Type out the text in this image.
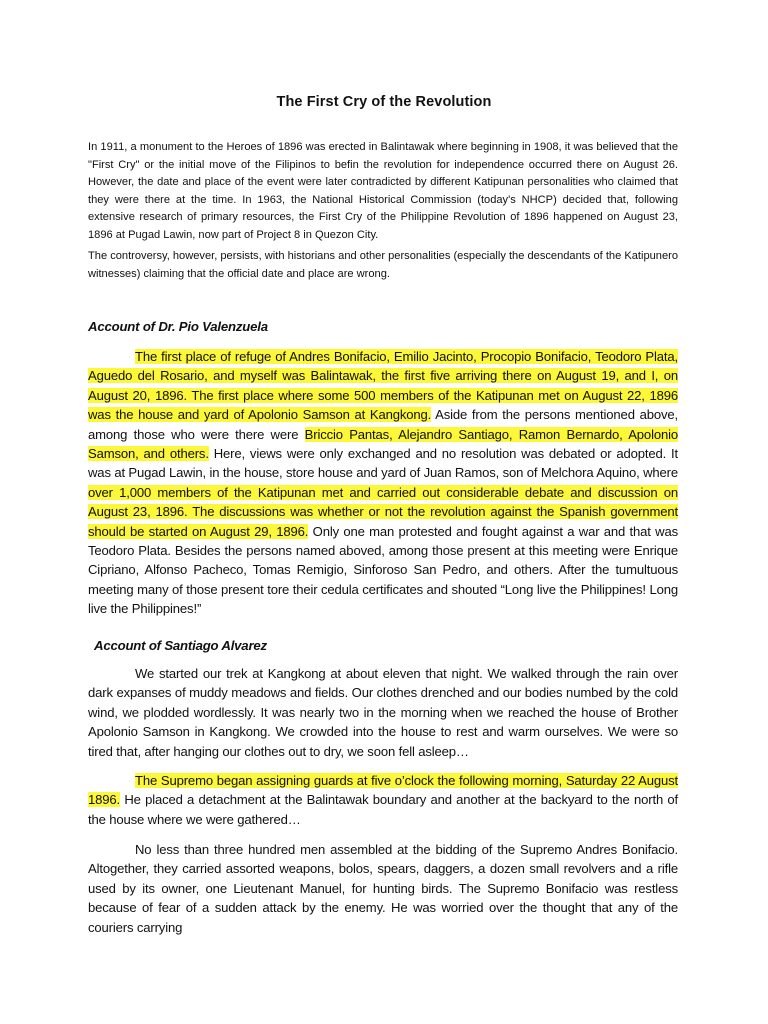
The First Cry of the Revolution
In 1911, a monument to the Heroes of 1896 was erected in Balintawak where beginning in 1908, it was believed that the "First Cry" or the initial move of the Filipinos to befin the revolution for independence occurred there on August 26. However, the date and place of the event were later contradicted by different Katipunan personalities who claimed that they were there at the time. In 1963, the National Historical Commission (today's NHCP) decided that, following extensive research of primary resources, the First Cry of the Philippine Revolution of 1896 happened on August 23, 1896 at Pugad Lawin, now part of Project 8 in Quezon City.
The controversy, however, persists, with historians and other personalities (especially the descendants of the Katipunero witnesses) claiming that the official date and place are wrong.
Account of Dr. Pio Valenzuela
The first place of refuge of Andres Bonifacio, Emilio Jacinto, Procopio Bonifacio, Teodoro Plata, Aguedo del Rosario, and myself was Balintawak, the first five arriving there on August 19, and I, on August 20, 1896. The first place where some 500 members of the Katipunan met on August 22, 1896 was the house and yard of Apolonio Samson at Kangkong. Aside from the persons mentioned above, among those who were there were Briccio Pantas, Alejandro Santiago, Ramon Bernardo, Apolonio Samson, and others. Here, views were only exchanged and no resolution was debated or adopted. It was at Pugad Lawin, in the house, store house and yard of Juan Ramos, son of Melchora Aquino, where over 1,000 members of the Katipunan met and carried out considerable debate and discussion on August 23, 1896. The discussions was whether or not the revolution against the Spanish government should be started on August 29, 1896. Only one man protested and fought against a war and that was Teodoro Plata. Besides the persons named aboved, among those present at this meeting were Enrique Cipriano, Alfonso Pacheco, Tomas Remigio, Sinforoso San Pedro, and others. After the tumultuous meeting many of those present tore their cedula certificates and shouted “Long live the Philippines! Long live the Philippines!”
Account of Santiago Alvarez
We started our trek at Kangkong at about eleven that night. We walked through the rain over dark expanses of muddy meadows and fields. Our clothes drenched and our bodies numbed by the cold wind, we plodded wordlessly. It was nearly two in the morning when we reached the house of Brother Apolonio Samson in Kangkong. We crowded into the house to rest and warm ourselves. We were so tired that, after hanging our clothes out to dry, we soon fell asleep…
The Supremo began assigning guards at five o’clock the following morning, Saturday 22 August 1896. He placed a detachment at the Balintawak boundary and another at the backyard to the north of the house where we were gathered…
No less than three hundred men assembled at the bidding of the Supremo Andres Bonifacio. Altogether, they carried assorted weapons, bolos, spears, daggers, a dozen small revolvers and a rifle used by its owner, one Lieutenant Manuel, for hunting birds. The Supremo Bonifacio was restless because of fear of a sudden attack by the enemy. He was worried over the thought that any of the couriers carrying
